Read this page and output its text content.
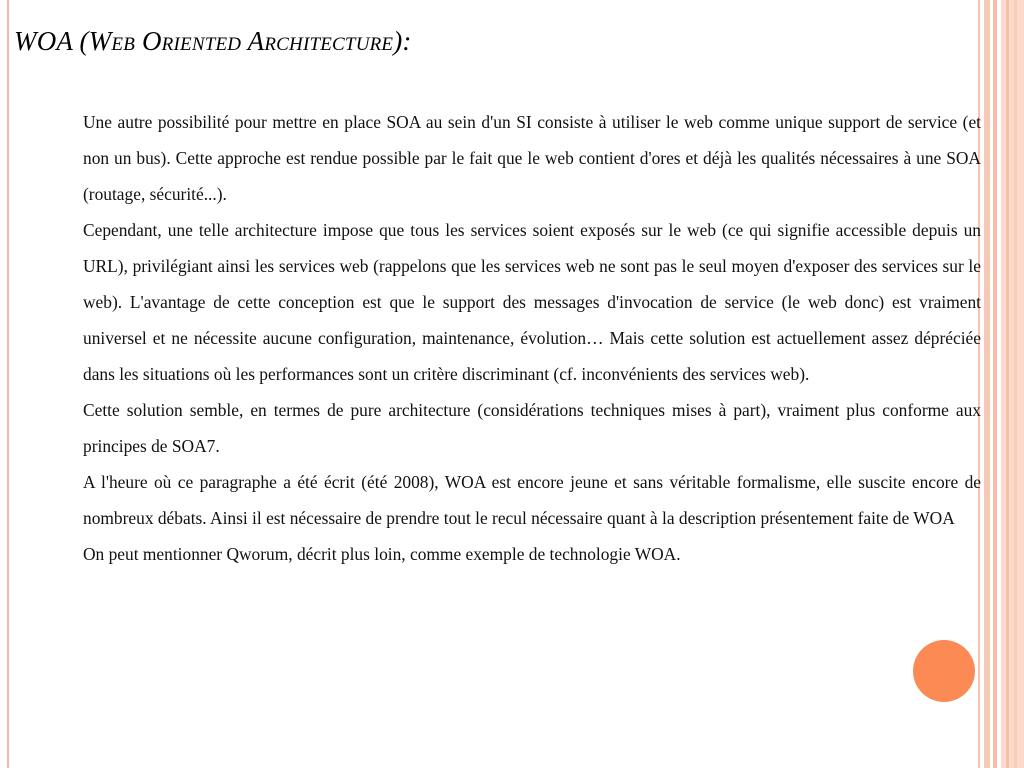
WOA (Web Oriented Architecture):

Une autre possibilité pour mettre en place SOA au sein d'un SI consiste à utiliser le web comme unique support de service (et non un bus). Cette approche est rendue possible par le fait que le web contient d'ores et déjà les qualités nécessaires à une SOA (routage, sécurité...).

Cependant, une telle architecture impose que tous les services soient exposés sur le web (ce qui signifie accessible depuis un URL), privilégiant ainsi les services web (rappelons que les services web ne sont pas le seul moyen d'exposer des services sur le web). L'avantage de cette conception est que le support des messages d'invocation de service (le web donc) est vraiment universel et ne nécessite aucune configuration, maintenance, évolution… Mais cette solution est actuellement assez dépréciée dans les situations où les performances sont un critère discriminant (cf. inconvénients des services web).

Cette solution semble, en termes de pure architecture (considérations techniques mises à part), vraiment plus conforme aux principes de SOA7.

A l'heure où ce paragraphe a été écrit (été 2008), WOA est encore jeune et sans véritable formalisme, elle suscite encore de nombreux débats. Ainsi il est nécessaire de prendre tout le recul nécessaire quant à la description présentement faite de WOA

On peut mentionner Qworum, décrit plus loin, comme exemple de technologie WOA.
